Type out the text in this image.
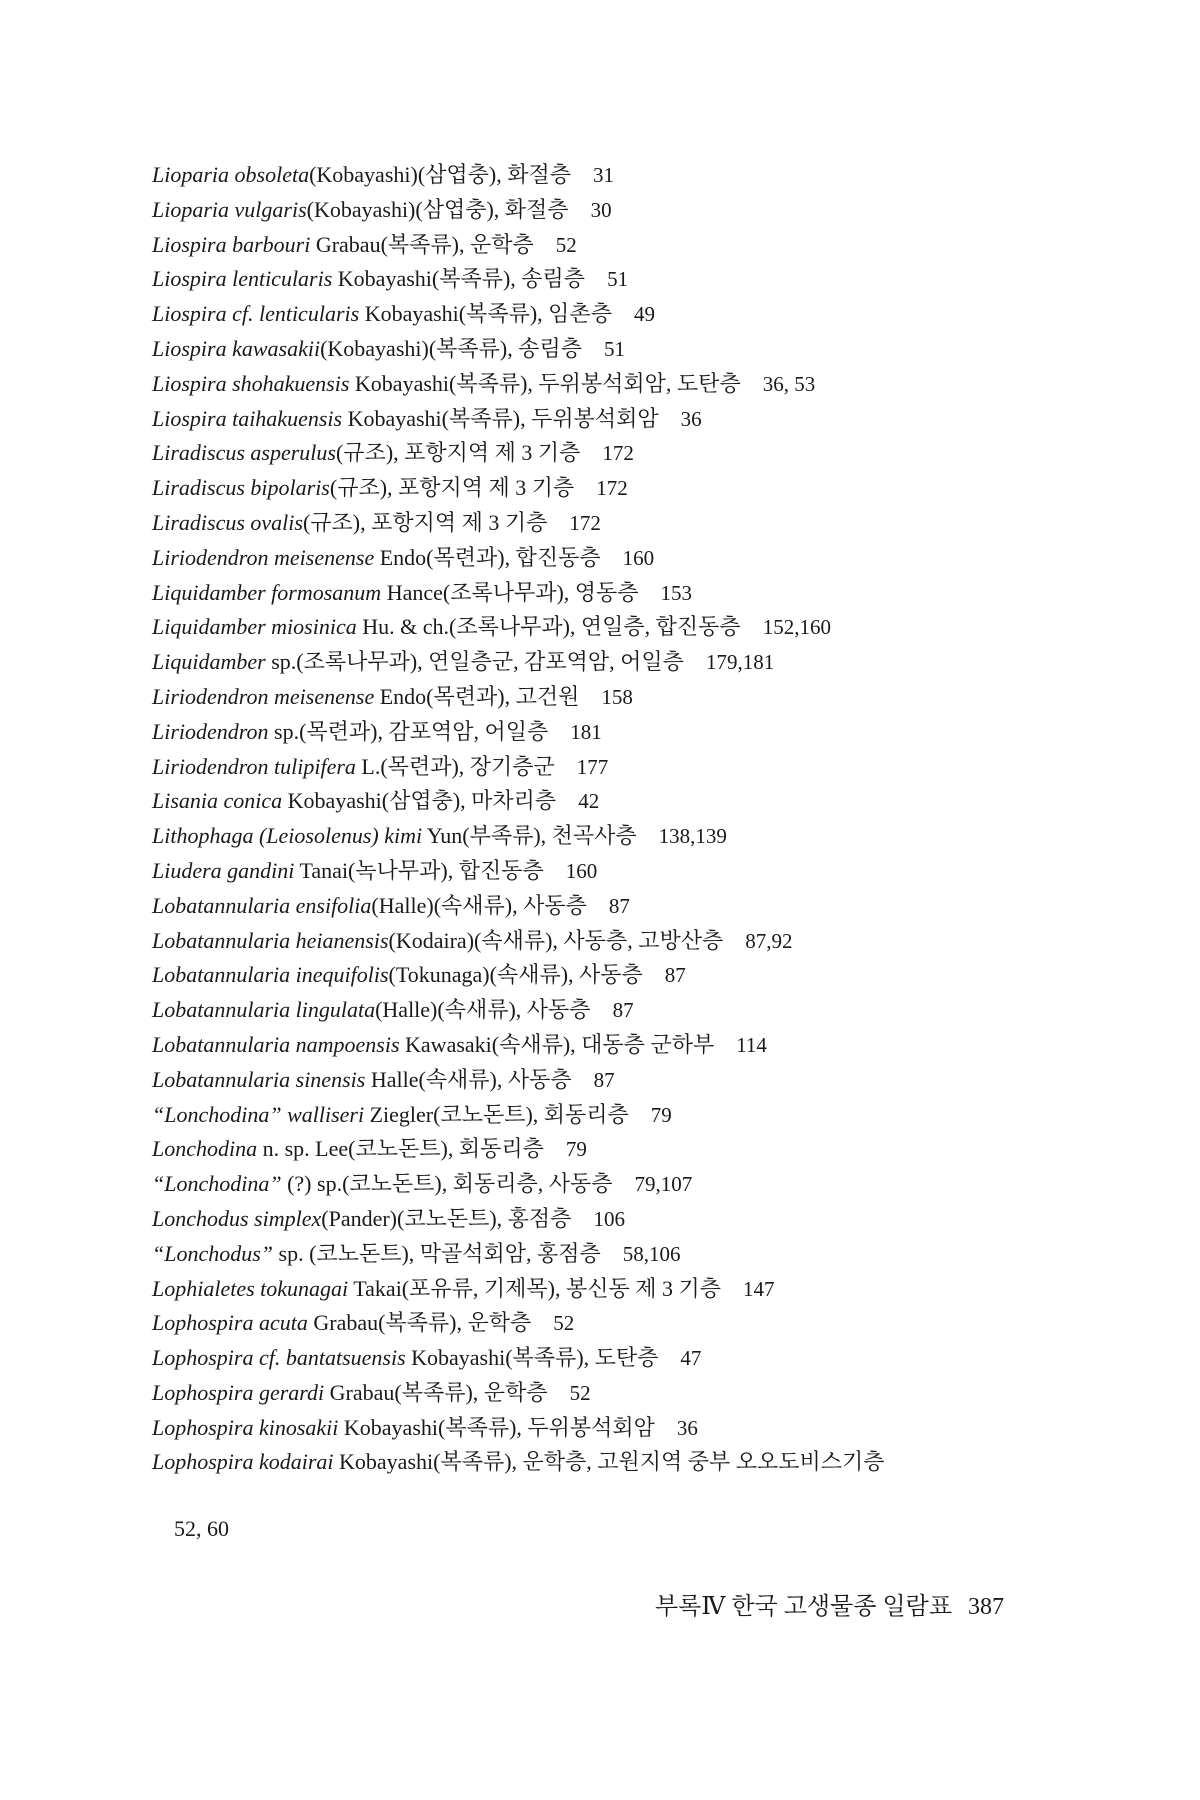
Lioparia obsoleta(Kobayashi)(삼엽충), 화절층 31
Lioparia vulgaris(Kobayashi)(삼엽충), 화절층 30
Liospira barbouri Grabau(복족류), 운학층 52
Liospira lenticularis Kobayashi(복족류), 송림층 51
Liospira cf. lenticularis Kobayashi(복족류), 임촌층 49
Liospira kawasakii(Kobayashi)(복족류), 송림층 51
Liospira shohakuensis Kobayashi(복족류), 두위봉석회암, 도탄층 36, 53
Liospira taihakuensis Kobayashi(복족류), 두위봉석회암 36
Liradiscus asperulus(규조), 포항지역 제 3 기층 172
Liradiscus bipolaris(규조), 포항지역 제 3 기층 172
Liradiscus ovalis(규조), 포항지역 제 3 기층 172
Liriodendron meisenense Endo(목련과), 합진동층 160
Liquidamber formosanum Hance(조록나무과), 영동층 153
Liquidamber miosinica Hu. & ch.(조록나무과), 연일층, 합진동층 152,160
Liquidamber sp.(조록나무과), 연일층군, 감포역암, 어일층 179,181
Liriodendron meisenense Endo(목련과), 고건원 158
Liriodendron sp.(목련과), 감포역암, 어일층 181
Liriodendron tulipifera L.(목련과), 장기층군 177
Lisania conica Kobayashi(삼엽충), 마차리층 42
Lithophaga (Leiosolenus) kimi Yun(부족류), 천곡사층 138,139
Liudera gandini Tanai(녹나무과), 합진동층 160
Lobatannularia ensifolia(Halle)(속새류), 사동층 87
Lobatannularia heianensis(Kodaira)(속새류), 사동층, 고방산층 87,92
Lobatannularia inequifolis(Tokunaga)(속새류), 사동층 87
Lobatannularia lingulata(Halle)(속새류), 사동층 87
Lobatannularia nampoensis Kawasaki(속새류), 대동층 군하부 114
Lobatannularia sinensis Halle(속새류), 사동층 87
“Lonchodina” walliseri Ziegler(코노돈트), 회동리층 79
Lonchodina n. sp. Lee(코노돈트), 회동리층 79
“Lonchodina” (?) sp.(코노돈트), 회동리층, 사동층 79,107
Lonchodus simplex(Pander)(코노돈트), 홍점층 106
“Lonchodus” sp. (코노돈트), 막골석회암, 홍점층 58,106
Lophialetes tokunagai Takai(포유류, 기제목), 봉신동 제 3 기층 147
Lophospira acuta Grabau(복족류), 운학층 52
Lophospira cf. bantatsuensis Kobayashi(복족류), 도탄층 47
Lophospira gerardi Grabau(복족류), 운학층 52
Lophospira kinosakii Kobayashi(복족류), 두위봉석회암 36
Lophospira kodairai Kobayashi(복족류), 운학층, 고원지역 중부 오오도비스기층
52, 60
부록Ⅳ 한국 고생물종 일람표 387
